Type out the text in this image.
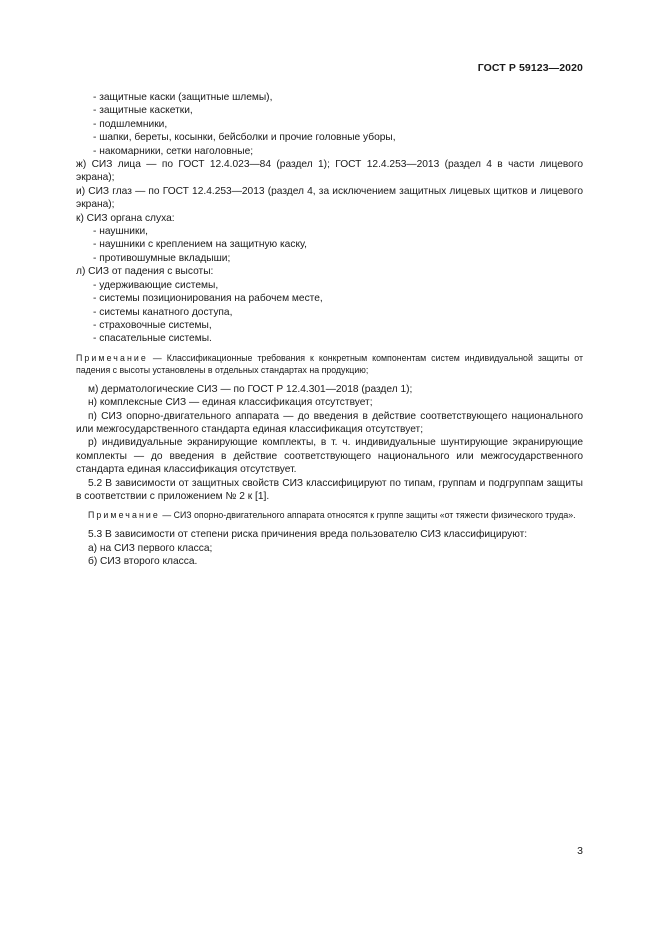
ГОСТ Р 59123—2020

- защитные каски (защитные шлемы),

- защитные каскетки,

- подшлемники,

- шапки, береты, косынки, бейсболки и прочие головные уборы,

- накомарники, сетки наголовные;

ж) СИЗ лица — по ГОСТ 12.4.023—84 (раздел 1); ГОСТ 12.4.253—2013 (раздел 4 в части лицевого экрана);

и) СИЗ глаз — по ГОСТ 12.4.253—2013 (раздел 4, за исключением защитных лицевых щитков и лицевого экрана);

к) СИЗ органа слуха:

- наушники,

- наушники с креплением на защитную каску,

- противошумные вкладыши;

л) СИЗ от падения с высоты:

- удерживающие системы,

- системы позиционирования на рабочем месте,

- системы канатного доступа,

- страховочные системы,

- спасательные системы.

Примечание — Классификационные требования к конкретным компонентам систем индивидуальной защиты от падения с высоты установлены в отдельных стандартах на продукцию;

м) дерматологические СИЗ — по ГОСТ Р 12.4.301—2018 (раздел 1);

н) комплексные СИЗ — единая классификация отсутствует;

п) СИЗ опорно-двигательного аппарата — до введения в действие соответствующего национального или межгосударственного стандарта единая классификация отсутствует;

р) индивидуальные экранирующие комплекты, в т. ч. индивидуальные шунтирующие экранирующие комплекты — до введения в действие соответствующего национального или межгосударственного стандарта единая классификация отсутствует.

5.2 В зависимости от защитных свойств СИЗ классифицируют по типам, группам и подгруппам защиты в соответствии с приложением № 2 к [1].

Примечание — СИЗ опорно-двигательного аппарата относятся к группе защиты «от тяжести физического труда».

5.3 В зависимости от степени риска причинения вреда пользователю СИЗ классифицируют:

а) на СИЗ первого класса;

б) СИЗ второго класса.

3
